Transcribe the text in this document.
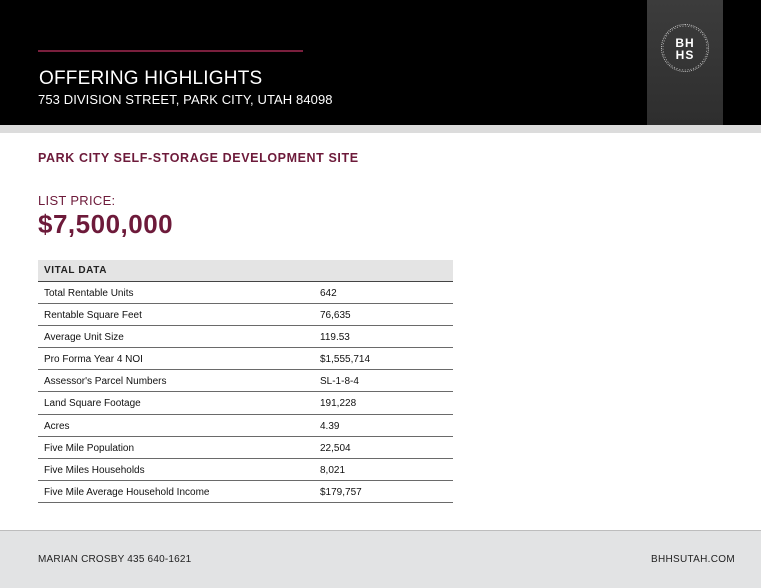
OFFERING HIGHLIGHTS
753 DIVISION STREET, PARK CITY, UTAH 84098
BH
HS
PARK CITY SELF-STORAGE DEVELOPMENT SITE
LIST PRICE:
$7,500,000
VITAL DATA
Total Rentable Units	642
Rentable Square Feet	76,635
Average Unit Size	119.53
Pro Forma Year 4 NOI	$1,555,714
Assessor's Parcel Numbers	SL-1-8-4
Land Square Footage	191,228
Acres	4.39
Five Mile Population	22,504
Five Miles Households	8,021
Five Mile Average Household Income	$179,757
MARIAN CROSBY 435 640-1621	BHHSUTAH.COM
